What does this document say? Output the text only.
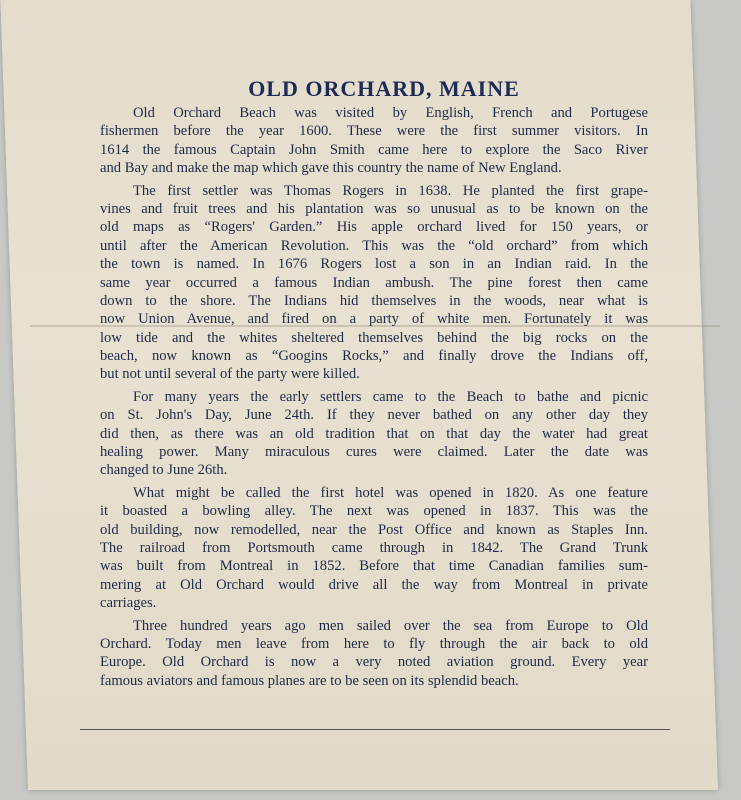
OLD ORCHARD, MAINE
Old Orchard Beach was visited by English, French and Portugese
fishermen before the year 1600. These were the first summer visitors. In
1614 the famous Captain John Smith came here to explore the Saco River
and Bay and make the map which gave this country the name of New England.
The first settler was Thomas Rogers in 1638. He planted the first grape-
vines and fruit trees and his plantation was so unusual as to be known on the
old maps as “Rogers' Garden.” His apple orchard lived for 150 years, or
until after the American Revolution. This was the “old orchard” from which
the town is named. In 1676 Rogers lost a son in an Indian raid. In the
same year occurred a famous Indian ambush. The pine forest then came
down to the shore. The Indians hid themselves in the woods, near what is
now Union Avenue, and fired on a party of white men. Fortunately it was
low tide and the whites sheltered themselves behind the big rocks on the
beach, now known as “Googins Rocks,” and finally drove the Indians off,
but not until several of the party were killed.
For many years the early settlers came to the Beach to bathe and picnic
on St. John's Day, June 24th. If they never bathed on any other day they
did then, as there was an old tradition that on that day the water had great
healing power. Many miraculous cures were claimed. Later the date was
changed to June 26th.
What might be called the first hotel was opened in 1820. As one feature
it boasted a bowling alley. The next was opened in 1837. This was the
old building, now remodelled, near the Post Office and known as Staples Inn.
The railroad from Portsmouth came through in 1842. The Grand Trunk
was built from Montreal in 1852. Before that time Canadian families sum-
mering at Old Orchard would drive all the way from Montreal in private
carriages.
Three hundred years ago men sailed over the sea from Europe to Old
Orchard. Today men leave from here to fly through the air back to old
Europe. Old Orchard is now a very noted aviation ground. Every year
famous aviators and famous planes are to be seen on its splendid beach.
